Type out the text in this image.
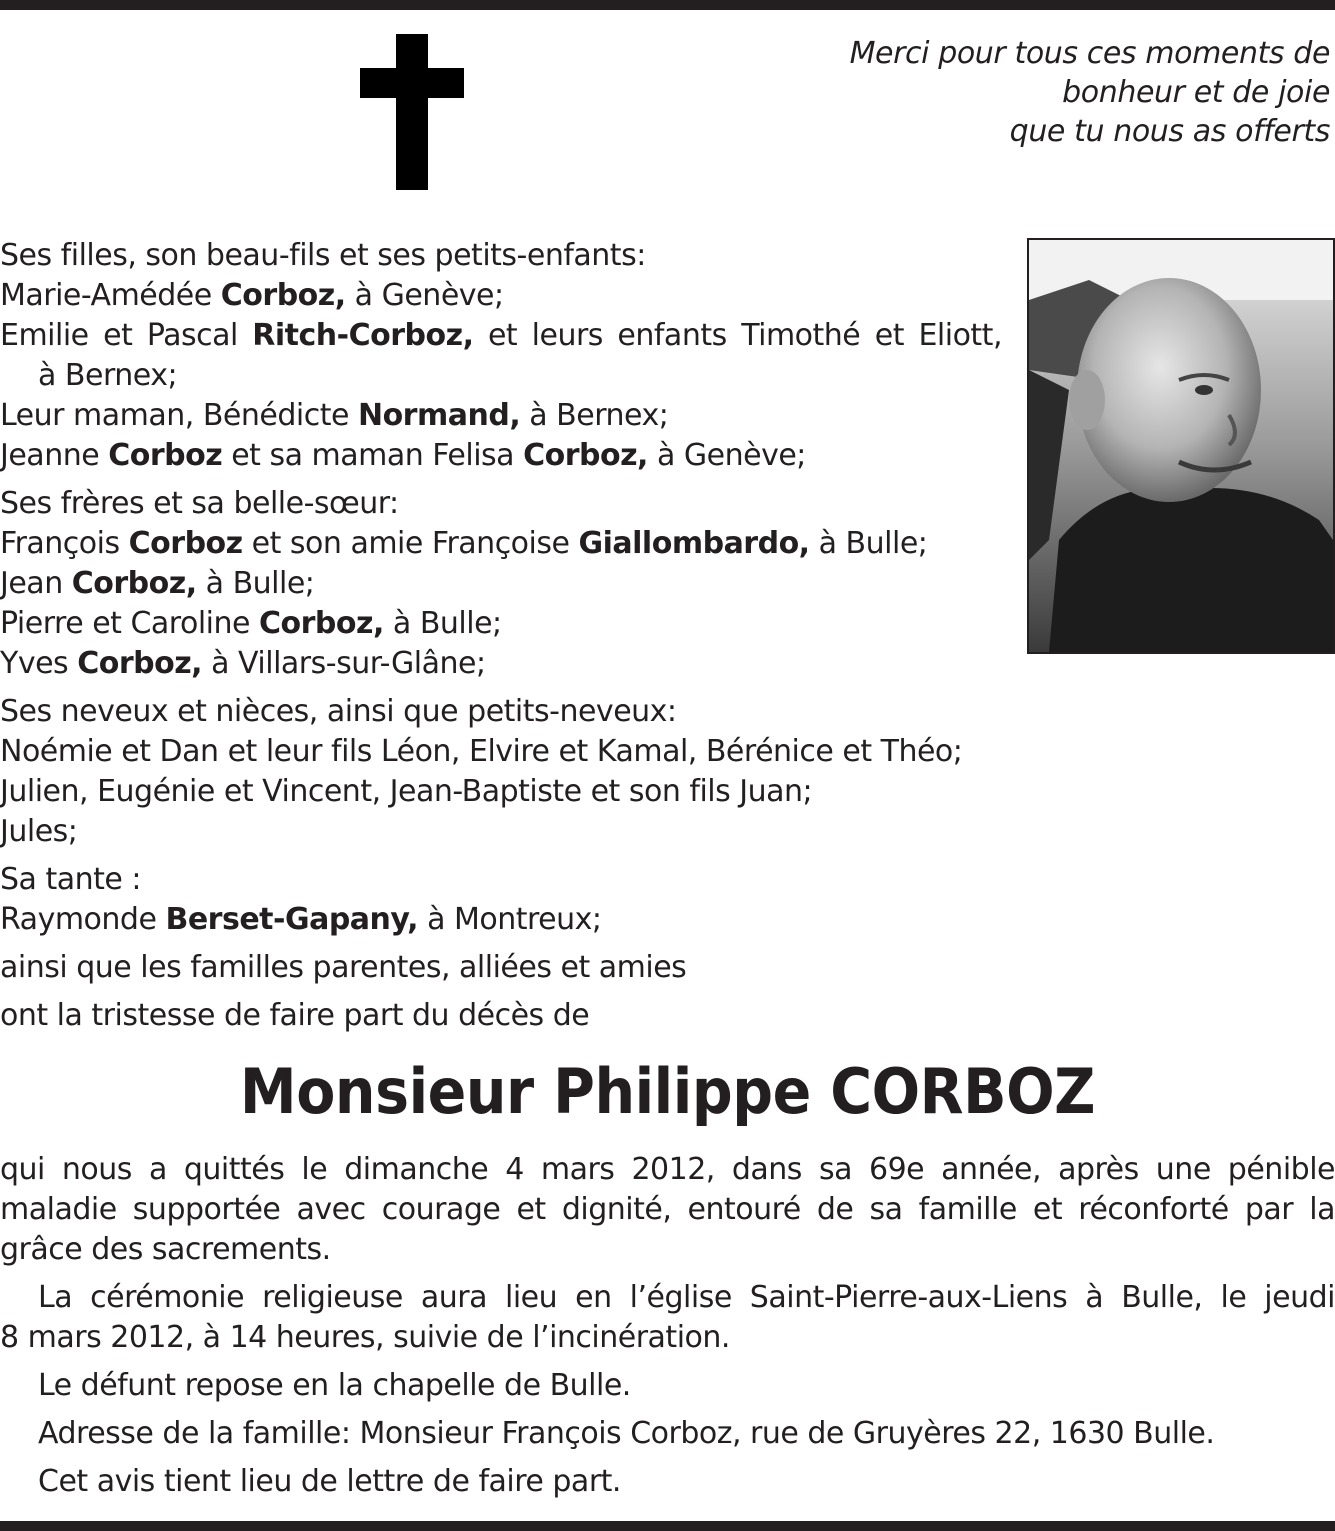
Merci pour tous ces moments de
bonheur et de joie
que tu nous as offerts
Ses filles, son beau-fils et ses petits-enfants:
Marie-Amédée Corboz, à Genève;
Emilie et Pascal Ritch-Corboz, et leurs enfants Timothé et Eliott,
à Bernex;
Leur maman, Bénédicte Normand, à Bernex;
Jeanne Corboz et sa maman Felisa Corboz, à Genève;
Ses frères et sa belle-sœur:
François Corboz et son amie Françoise Giallombardo, à Bulle;
Jean Corboz, à Bulle;
Pierre et Caroline Corboz, à Bulle;
Yves Corboz, à Villars-sur-Glâne;
Ses neveux et nièces, ainsi que petits-neveux:
Noémie et Dan et leur fils Léon, Elvire et Kamal, Bérénice et Théo;
Julien, Eugénie et Vincent, Jean-Baptiste et son fils Juan;
Jules;
Sa tante :
Raymonde Berset-Gapany, à Montreux;
ainsi que les familles parentes, alliées et amies
ont la tristesse de faire part du décès de
Monsieur Philippe CORBOZ
qui nous a quittés le dimanche 4 mars 2012, dans sa 69e année, après une pénible
maladie supportée avec courage et dignité, entouré de sa famille et réconforté par la
grâce des sacrements.
La cérémonie religieuse aura lieu en l’église Saint-Pierre-aux-Liens à Bulle, le jeudi
8 mars 2012, à 14 heures, suivie de l’incinération.
Le défunt repose en la chapelle de Bulle.
Adresse de la famille: Monsieur François Corboz, rue de Gruyères 22, 1630 Bulle.
Cet avis tient lieu de lettre de faire part.
